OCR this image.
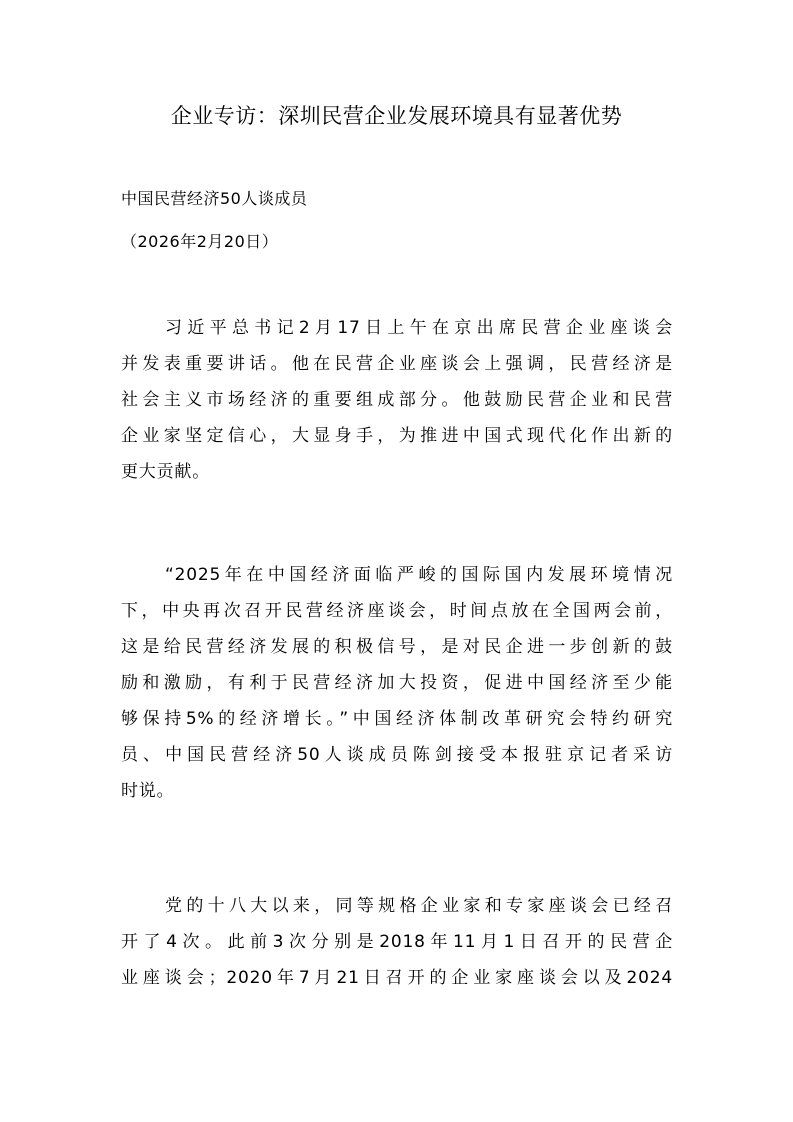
企业专访：深圳民营企业发展环境具有显著优势
中国民营经济50人谈成员
（2026年2月20日）
习近平总书记2月17日上午在京出席民营企业座谈会
并发表重要讲话。他在民营企业座谈会上强调，民营经济是
社会主义市场经济的重要组成部分。他鼓励民营企业和民营
企业家坚定信心，大显身手，为推进中国式现代化作出新的
更大贡献。
“2025年在中国经济面临严峻的国际国内发展环境情况
下，中央再次召开民营经济座谈会，时间点放在全国两会前，
这是给民营经济发展的积极信号，是对民企进一步创新的鼓
励和激励，有利于民营经济加大投资，促进中国经济至少能
够保持5%的经济增长。”中国经济体制改革研究会特约研究
员、中国民营经济50人谈成员陈剑接受本报驻京记者采访
时说。
党的十八大以来，同等规格企业家和专家座谈会已经召
开了4次。此前3次分别是2018年11月1日召开的民营企
业座谈会；2020年7月21日召开的企业家座谈会以及2024
